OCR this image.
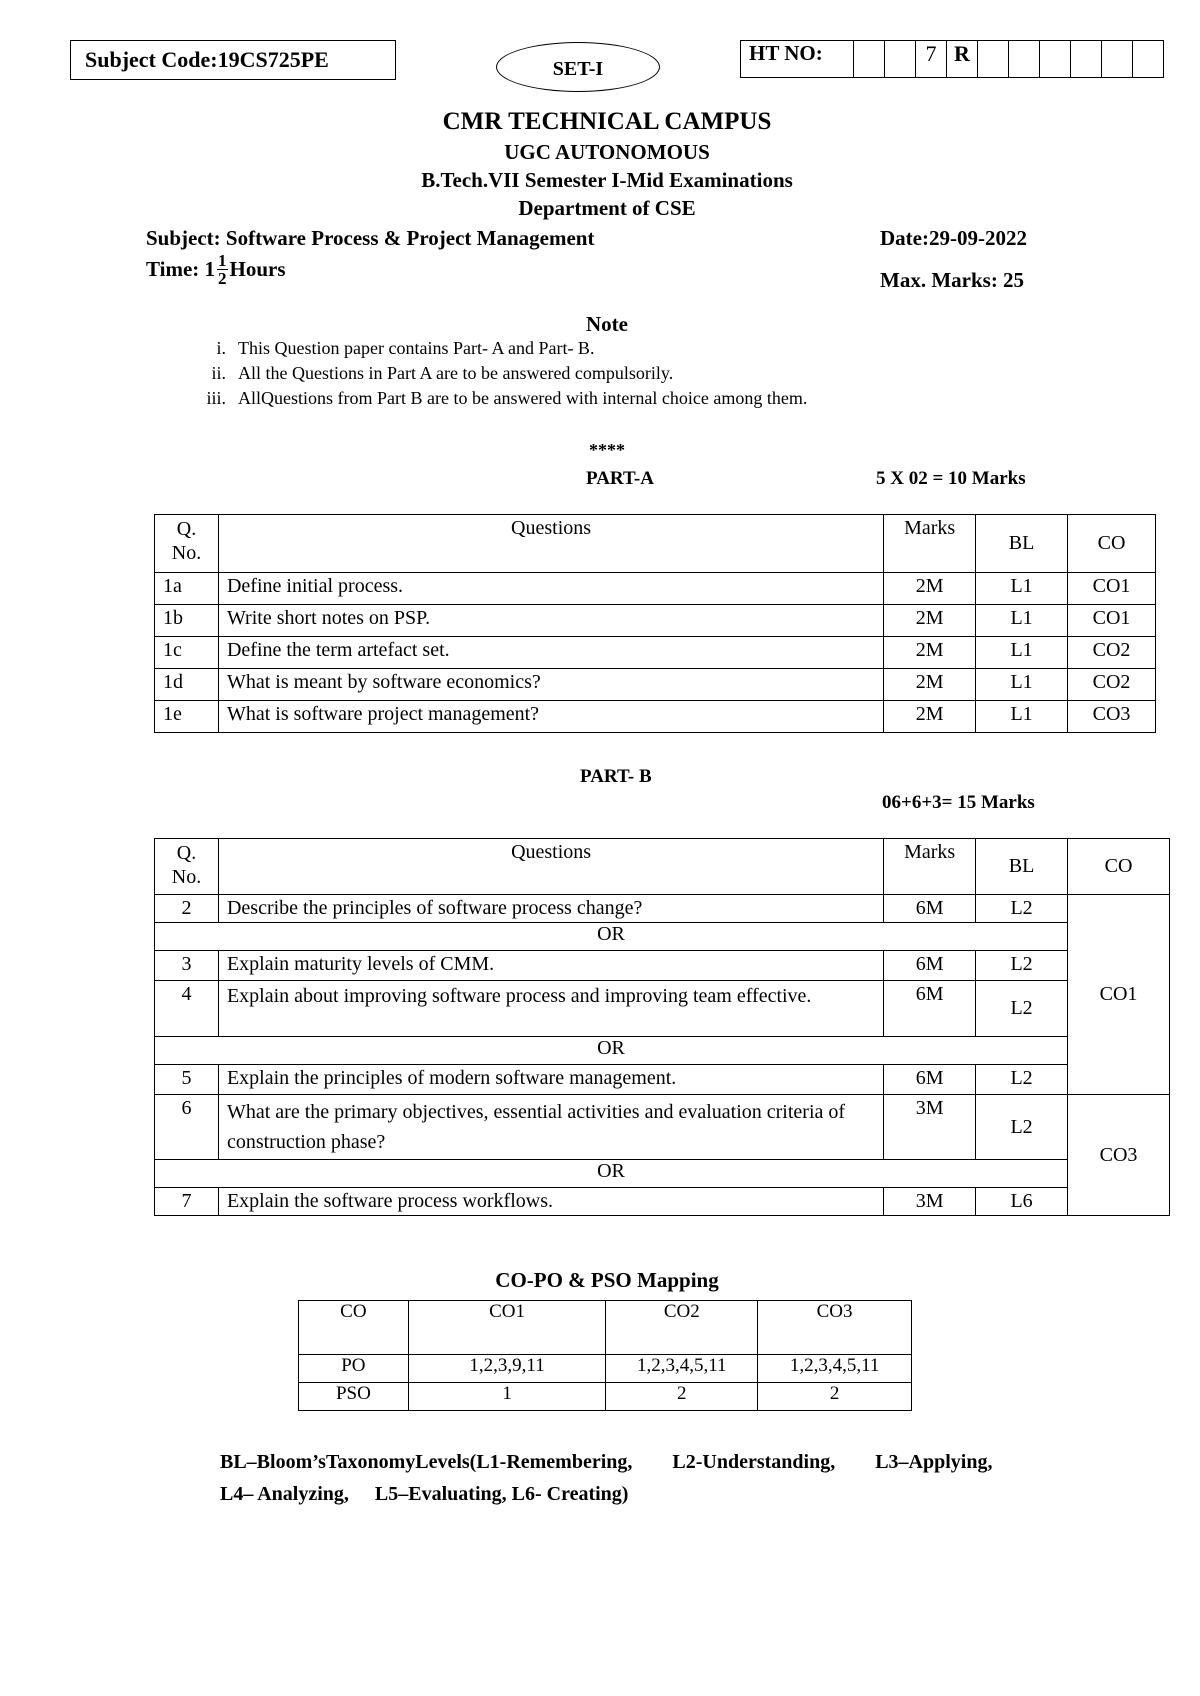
Subject Code:19CS725PE	SET-I
HT NO:			7	R						
CMR TECHNICAL CAMPUS
UGC AUTONOMOUS
B.Tech.VII Semester I-Mid Examinations
Department of CSE
Subject: Software Process & Project Management	Date:29-09-2022
Time: $1 \frac{1}{2}$ Hours	Max. Marks: 25
Note
i. This Question paper contains Part- A and Part- B.
ii. All the Questions in Part A are to be answered compulsorily.
iii. AllQuestions from Part B are to be answered with internal choice among them.
****
PART-A	5 X 02 = 10 Marks
Q. No.	Questions	Marks	BL	CO
1a	Define initial process.	2M	L1	CO1
1b	Write short notes on PSP.	2M	L1	CO1
1c	Define the term artefact set.	2M	L1	CO2
1d	What is meant by software economics?	2M	L1	CO2
1e	What is software project management?	2M	L1	CO3
PART- B
06+6+3= 15 Marks
Q. No.	Questions	Marks	BL	CO
2	Describe the principles of software process change?	6M	L2	CO1
OR				
3	Explain maturity levels of CMM.	6M	L2	
4	Explain about improving software process and improving team effective.	6M	L2	
OR				
5	Explain the principles of modern software management.	6M	L2	
6	What are the primary objectives, essential activities and evaluation criteria of construction phase?	3M	L2	CO3
OR				
7	Explain the software process workflows.	3M	L6	
CO-PO & PSO Mapping
CO	CO1	CO2	CO3
PO	1,2,3,9,11	1,2,3,4,5,11	1,2,3,4,5,11
PSO	1	2	2
BL–Bloom’sTaxonomyLevels(L1-Remembering, L2-Understanding, L3–Applying,
L4– Analyzing, L5–Evaluating, L6- Creating)
